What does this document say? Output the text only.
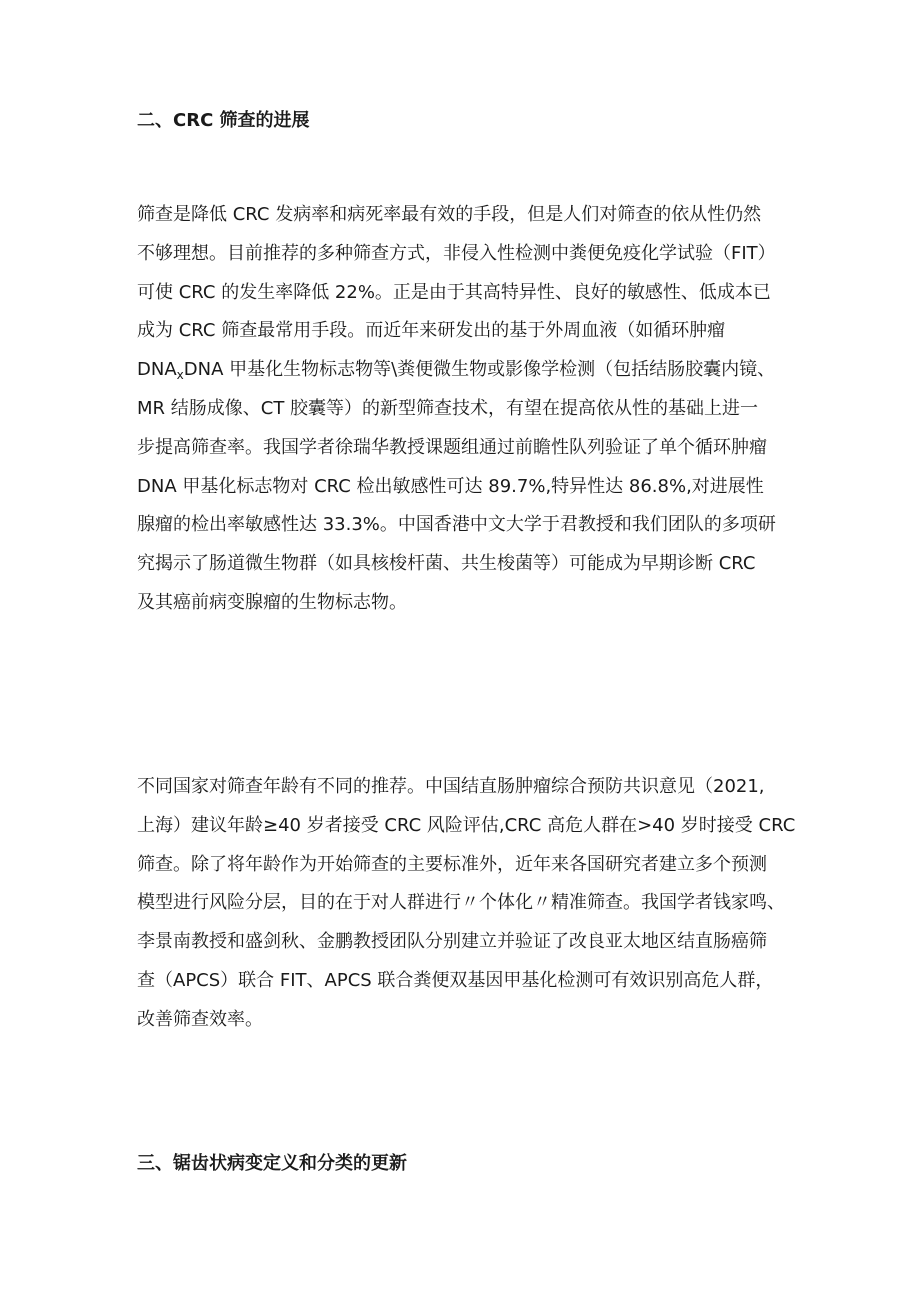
二、CRC 筛查的进展
筛查是降低 CRC 发病率和病死率最有效的手段，但是人们对筛查的依从性仍然
不够理想。目前推荐的多种筛查方式，非侵入性检测中粪便免疫化学试验（FIT）
可使 CRC 的发生率降低 22%。正是由于其高特异性、良好的敏感性、低成本已
成为 CRC 筛查最常用手段。而近年来研发出的基于外周血液（如循环肿瘤
$DNA_xDNA$ 甲基化生物标志物等\粪便微生物或影像学检测（包括结肠胶囊内镜、
MR 结肠成像、CT 胶囊等）的新型筛查技术，有望在提高依从性的基础上进一
步提高筛查率。我国学者徐瑞华教授课题组通过前瞻性队列验证了单个循环肿瘤
DNA 甲基化标志物对 CRC 检出敏感性可达 89.7%,特异性达 86.8%,对进展性
腺瘤的检出率敏感性达 33.3%。中国香港中文大学于君教授和我们团队的多项研
究揭示了肠道微生物群（如具核梭杆菌、共生梭菌等）可能成为早期诊断 CRC
及其癌前病变腺瘤的生物标志物。
不同国家对筛查年龄有不同的推荐。中国结直肠肿瘤综合预防共识意见（2021,
上海）建议年龄≥40 岁者接受 CRC 风险评估,CRC 高危人群在>40 岁时接受 CRC
筛查。除了将年龄作为开始筛查的主要标准外，近年来各国研究者建立多个预测
模型进行风险分层，目的在于对人群进行〃个体化〃精准筛查。我国学者钱家鸣、
李景南教授和盛剑秋、金鹏教授团队分别建立并验证了改良亚太地区结直肠癌筛
查（APCS）联合 FIT、APCS 联合粪便双基因甲基化检测可有效识别高危人群，
改善筛查效率。
三、锯齿状病变定义和分类的更新
